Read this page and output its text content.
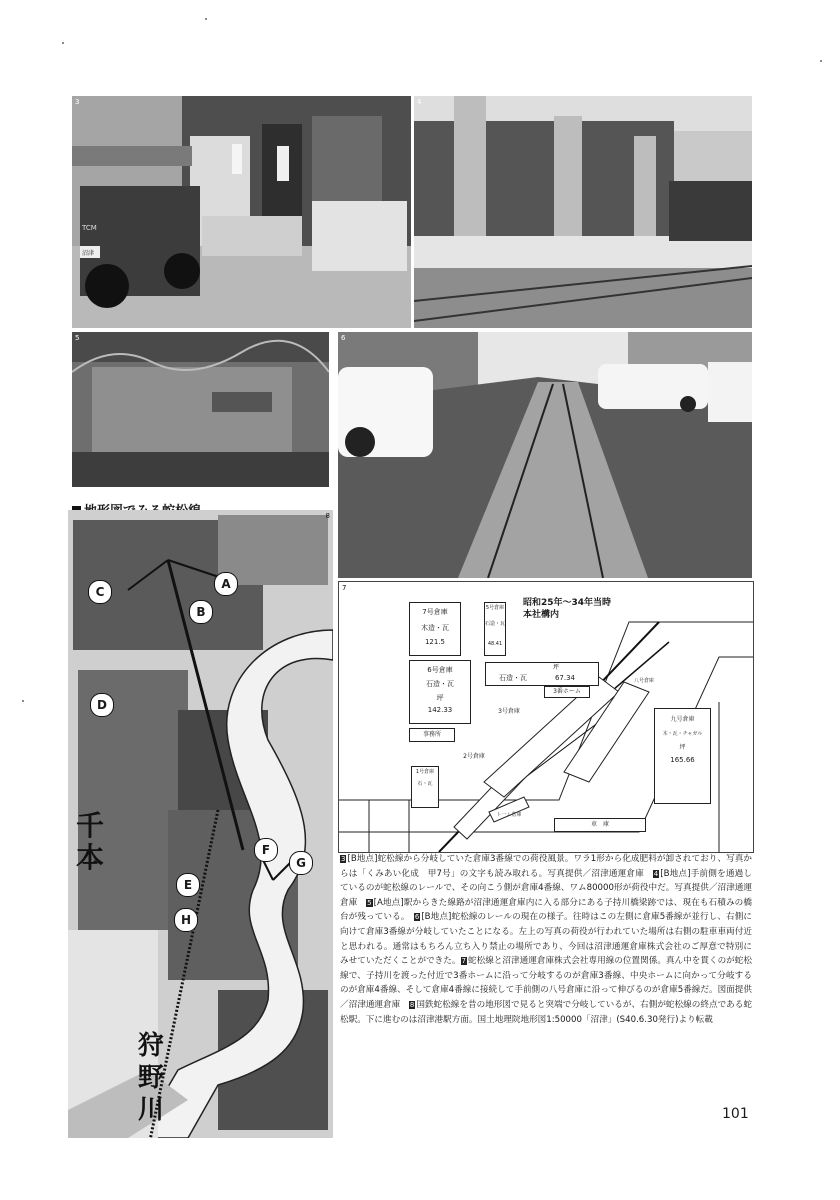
3
TCM
沼津
4
5	6
8
A
B
C
D
E
F
G
H
千本
狩野川
昭和25年～34年当時
本社構内
7号倉庫
木造・瓦
121.5
5号倉庫
石造・瓦
48.41
6号倉庫
石造・瓦
坪
142.33
事務所
坪
石造・瓦	67.34
3番ホーム
3号倉庫
2号倉庫
1号倉庫
石・瓦
八号倉庫
九号倉庫
木・瓦・チャガル
坪
165.66
車　庫
ト一ム倉庫
7
3 [B地点]蛇松線から分岐していた倉庫3番線での荷役風景。ワラ1形から化成肥料が卸されており、写真からは「くみあい化成　甲7号」の文字も読み取れる。写真提供／沼津通運倉庫　4 [B地点]手前側を通過しているのが蛇松線のレールで、その向こう側が倉庫4番線、ワム80000形が荷役中だ。写真提供／沼津通運倉庫　5 [A地点]駅からきた線路が沼津通運倉庫内に入る部分にある子持川橋梁跡では、現在も石積みの橋台が残っている。　 6 [B地点]蛇松線のレールの現在の様子。往時はこの左側に倉庫5番線が並行し、右側に向けて倉庫3番線が分岐していたことになる。左上の写真の荷役が行われていた場所は右側の駐車車両付近と思われる。通常はもちろん立ち入り禁止の場所であり、今回は沼津通運倉庫株式会社のご厚意で特別にみせていただくことができた。7 蛇松線と沼津通運倉庫株式会社専用線の位置関係。真ん中を貫くのが蛇松線で、子持川を渡った付近で3番ホームに沿って分岐するのが倉庫3番線、中央ホームに向かって分岐するのが倉庫4番線、そして倉庫4番線に接続して手前側の八号倉庫に沿って伸びるのが倉庫5番線だ。図面提供／沼津通運倉庫　8 国鉄蛇松線を昔の地形図で見ると突端で分岐しているが、右側が蛇松線の終点である蛇松駅。下に進むのは沼津港駅方面。国土地理院地形図1:50000「沼津」(S40.6.30発行)より転載
101
